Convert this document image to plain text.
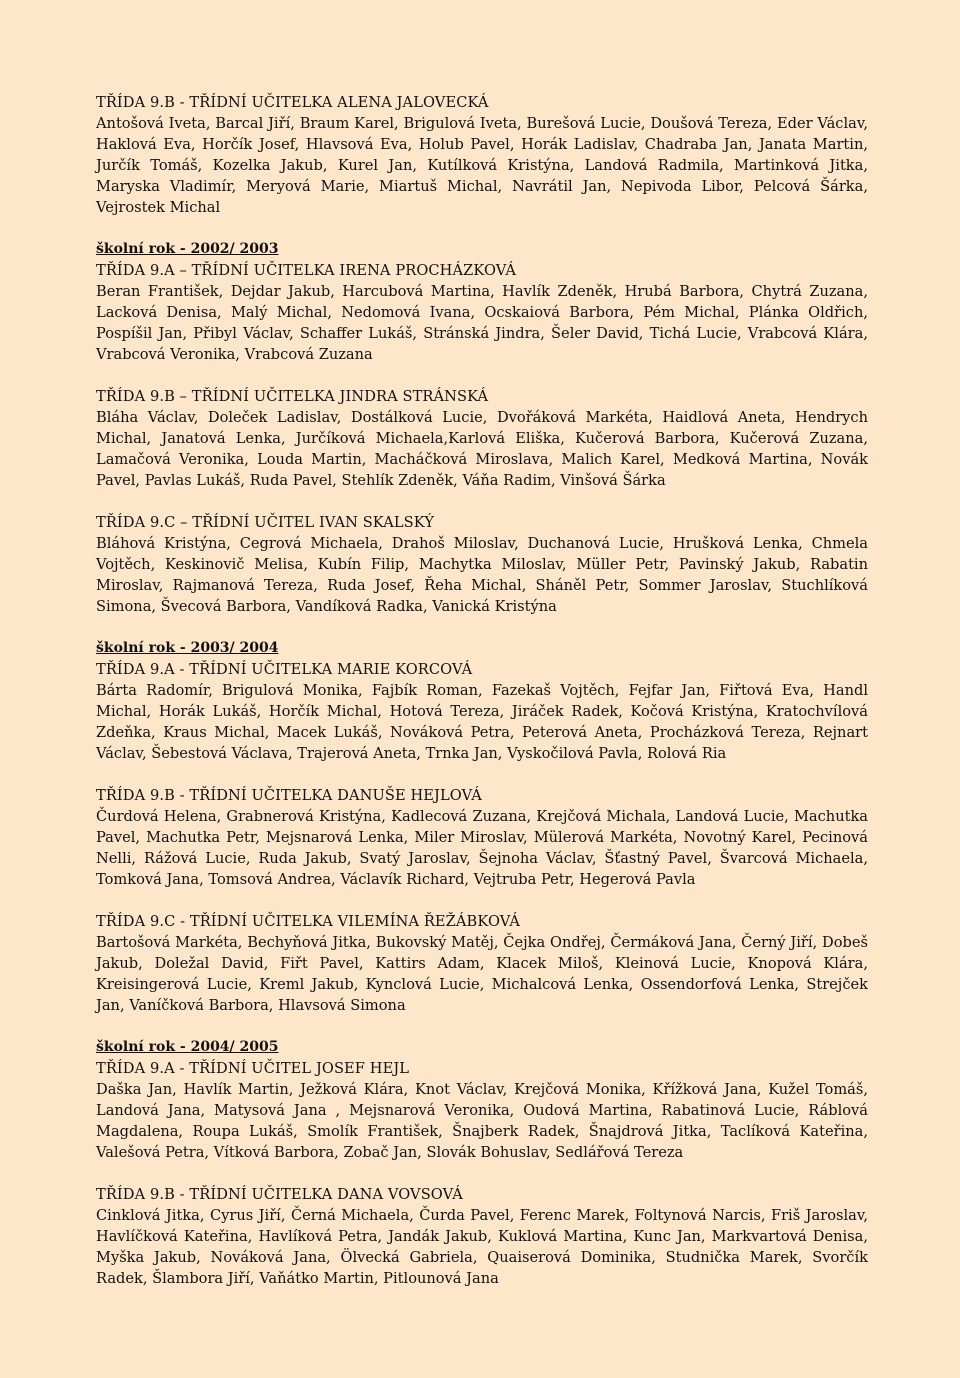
TŘÍDA 9.B - TŘÍDNÍ UČITELKA ALENA JALOVECKÁ

Antošová Iveta, Barcal Jiří, Braum Karel, Brigulová Iveta, Burešová Lucie, Doušová Tereza, Eder Václav, Haklová Eva, Horčík Josef, Hlavsová Eva, Holub Pavel, Horák Ladislav, Chadraba Jan, Janata Martin, Jurčík Tomáš, Kozelka Jakub, Kurel Jan, Kutílková Kristýna, Landová Radmila, Martinková Jitka, Maryska Vladimír, Meryová Marie, Miartuš Michal, Navrátil Jan, Nepivoda Libor, Pelcová Šárka, Vejrostek Michal

školní rok - 2002/ 2003
TŘÍDA 9.A – TŘÍDNÍ UČITELKA IRENA PROCHÁZKOVÁ

Beran František, Dejdar Jakub, Harcubová Martina, Havlík Zdeněk, Hrubá Barbora, Chytrá Zuzana, Lacková Denisa, Malý Michal, Nedomová Ivana, Ocskaiová Barbora, Pém Michal, Plánka Oldřich, Pospíšil Jan, Přibyl Václav, Schaffer Lukáš, Stránská Jindra, Šeler David, Tichá Lucie, Vrabcová Klára, Vrabcová Veronika, Vrabcová Zuzana

TŘÍDA 9.B – TŘÍDNÍ UČITELKA JINDRA STRÁNSKÁ

Bláha Václav, Doleček Ladislav, Dostálková Lucie, Dvořáková Markéta, Haidlová Aneta, Hendrych Michal, Janatová Lenka, Jurčíková Michaela,Karlová Eliška, Kučerová Barbora, Kučerová Zuzana, Lamačová Veronika, Louda Martin, Macháčková Miroslava, Malich Karel, Medková Martina, Novák Pavel, Pavlas Lukáš, Ruda Pavel, Stehlík Zdeněk, Váňa Radim, Vinšová Šárka

TŘÍDA 9.C – TŘÍDNÍ UČITEL IVAN SKALSKÝ

Bláhová Kristýna, Cegrová Michaela, Drahoš Miloslav, Duchanová Lucie, Hrušková Lenka, Chmela Vojtěch, Keskinovič Melisa, Kubín Filip, Machytka Miloslav, Müller Petr, Pavinský Jakub, Rabatin Miroslav, Rajmanová Tereza, Ruda Josef, Řeha Michal, Sháněl Petr, Sommer Jaroslav, Stuchlíková Simona, Švecová Barbora, Vandíková Radka, Vanická Kristýna

školní rok - 2003/ 2004
TŘÍDA 9.A - TŘÍDNÍ UČITELKA MARIE KORCOVÁ

Bárta Radomír, Brigulová Monika, Fajbík Roman, Fazekaš Vojtěch, Fejfar Jan, Fiřtová Eva, Handl Michal, Horák Lukáš, Horčík Michal, Hotová Tereza, Jiráček Radek, Kočová Kristýna, Kratochvílová Zdeňka, Kraus Michal, Macek Lukáš, Nováková Petra, Peterová Aneta, Procházková Tereza, Rejnart Václav, Šebestová Václava, Trajerová Aneta, Trnka Jan, Vyskočilová Pavla, Rolová Ria

TŘÍDA 9.B - TŘÍDNÍ UČITELKA DANUŠE HEJLOVÁ

Čurdová Helena, Grabnerová Kristýna, Kadlecová Zuzana, Krejčová Michala, Landová Lucie, Machutka Pavel, Machutka Petr, Mejsnarová Lenka, Miler Miroslav, Mülerová Markéta, Novotný Karel, Pecinová Nelli, Rážová Lucie, Ruda Jakub, Svatý Jaroslav, Šejnoha Václav, Šťastný Pavel, Švarcová Michaela, Tomková Jana, Tomsová Andrea, Václavík Richard, Vejtruba Petr, Hegerová Pavla

TŘÍDA 9.C - TŘÍDNÍ UČITELKA VILEMÍNA ŘEŽÁBKOVÁ

Bartošová Markéta, Bechyňová Jitka, Bukovský Matěj, Čejka Ondřej, Čermáková Jana, Černý Jiří, Dobeš Jakub, Doležal David, Fiřt Pavel, Kattirs Adam, Klacek Miloš, Kleinová Lucie, Knopová Klára, Kreisingerová Lucie, Kreml Jakub, Kynclová Lucie, Michalcová Lenka, Ossendorfová Lenka, Strejček Jan, Vaníčková Barbora, Hlavsová Simona

školní rok - 2004/ 2005
TŘÍDA 9.A - TŘÍDNÍ UČITEL JOSEF HEJL

Daška Jan, Havlík Martin, Ježková Klára, Knot Václav, Krejčová Monika, Křížková Jana, Kužel Tomáš, Landová Jana, Matysová Jana , Mejsnarová Veronika, Oudová Martina, Rabatinová Lucie, Ráblová Magdalena, Roupa Lukáš, Smolík František, Šnajberk Radek, Šnajdrová Jitka, Taclíková Kateřina, Valešová Petra, Vítková Barbora, Zobač Jan, Slovák Bohuslav, Sedlářová Tereza

TŘÍDA 9.B - TŘÍDNÍ UČITELKA DANA VOVSOVÁ

Cinklová Jitka, Cyrus Jiří, Černá Michaela, Čurda Pavel, Ferenc Marek, Foltynová Narcis, Friš Jaroslav, Havlíčková Kateřina, Havlíková Petra, Jandák Jakub, Kuklová Martina, Kunc Jan, Markvartová Denisa, Myška Jakub, Nováková Jana, Ölvecká Gabriela, Quaiserová Dominika, Studnička Marek, Svorčík Radek, Šlambora Jiří, Vaňátko Martin, Pitlounová Jana
